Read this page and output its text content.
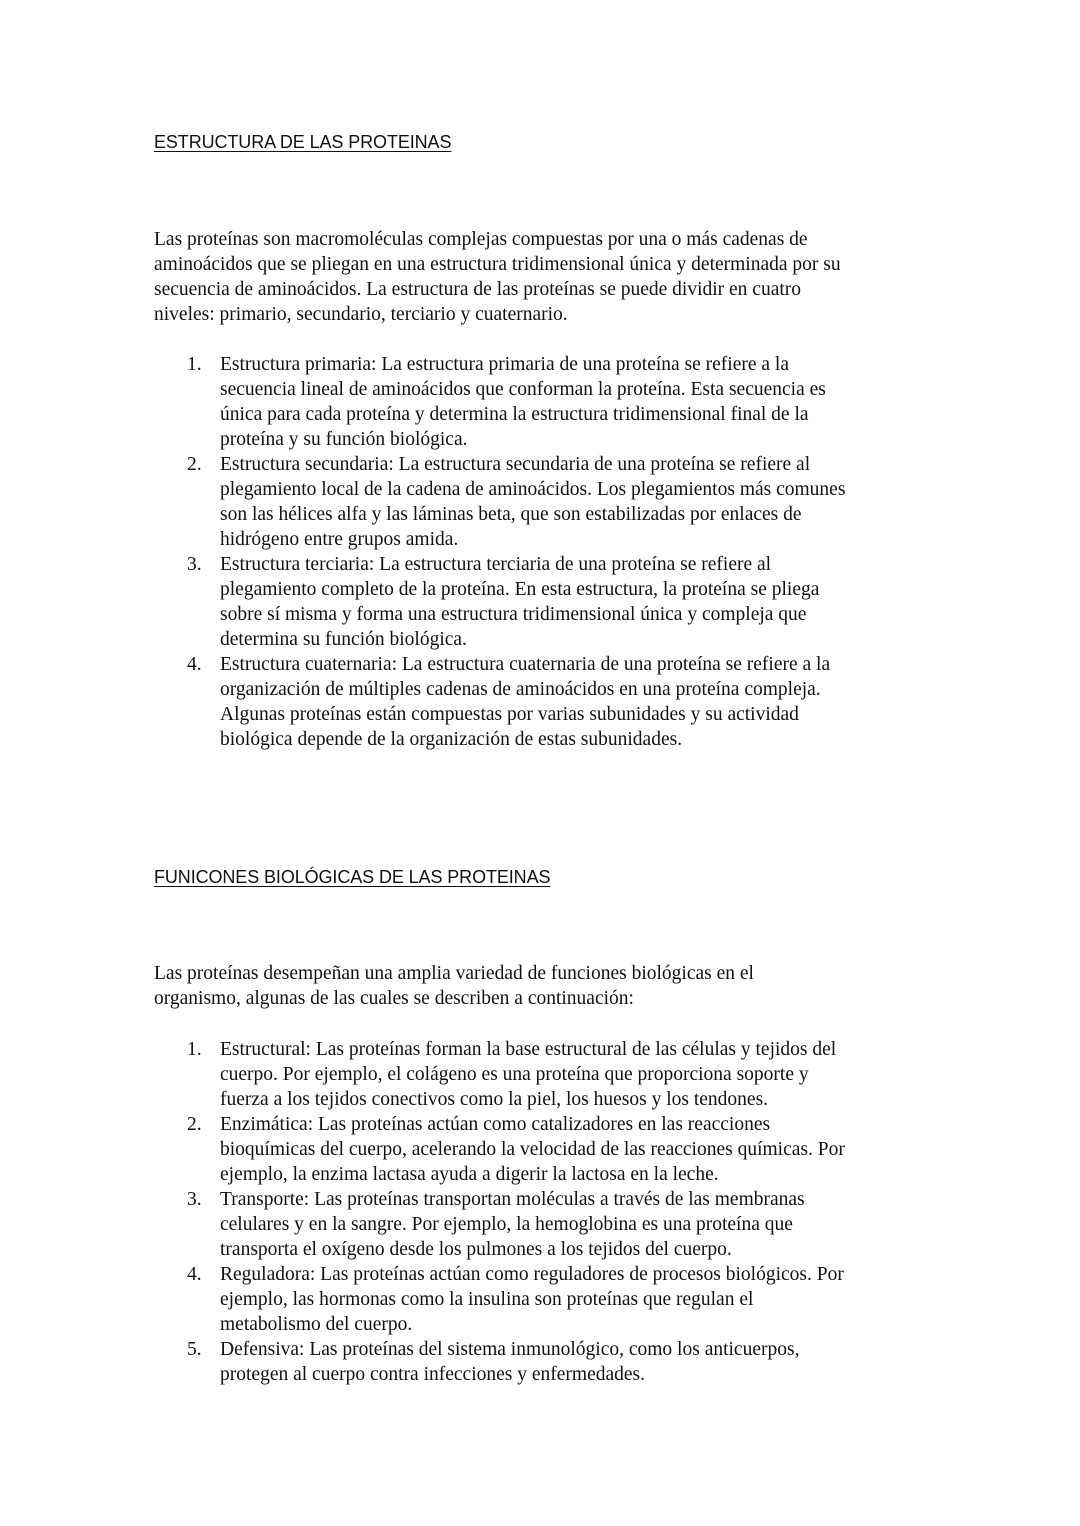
ESTRUCTURA DE LAS PROTEINAS
Las proteínas son macromoléculas complejas compuestas por una o más cadenas de
aminoácidos que se pliegan en una estructura tridimensional única y determinada por su
secuencia de aminoácidos. La estructura de las proteínas se puede dividir en cuatro
niveles: primario, secundario, terciario y cuaternario.
1. Estructura primaria: La estructura primaria de una proteína se refiere a la
secuencia lineal de aminoácidos que conforman la proteína. Esta secuencia es
única para cada proteína y determina la estructura tridimensional final de la
proteína y su función biológica.
2. Estructura secundaria: La estructura secundaria de una proteína se refiere al
plegamiento local de la cadena de aminoácidos. Los plegamientos más comunes
son las hélices alfa y las láminas beta, que son estabilizadas por enlaces de
hidrógeno entre grupos amida.
3. Estructura terciaria: La estructura terciaria de una proteína se refiere al
plegamiento completo de la proteína. En esta estructura, la proteína se pliega
sobre sí misma y forma una estructura tridimensional única y compleja que
determina su función biológica.
4. Estructura cuaternaria: La estructura cuaternaria de una proteína se refiere a la
organización de múltiples cadenas de aminoácidos en una proteína compleja.
Algunas proteínas están compuestas por varias subunidades y su actividad
biológica depende de la organización de estas subunidades.
FUNICONES BIOLÓGICAS DE LAS PROTEINAS
Las proteínas desempeñan una amplia variedad de funciones biológicas en el
organismo, algunas de las cuales se describen a continuación:
1. Estructural: Las proteínas forman la base estructural de las células y tejidos del
cuerpo. Por ejemplo, el colágeno es una proteína que proporciona soporte y
fuerza a los tejidos conectivos como la piel, los huesos y los tendones.
2. Enzimática: Las proteínas actúan como catalizadores en las reacciones
bioquímicas del cuerpo, acelerando la velocidad de las reacciones químicas. Por
ejemplo, la enzima lactasa ayuda a digerir la lactosa en la leche.
3. Transporte: Las proteínas transportan moléculas a través de las membranas
celulares y en la sangre. Por ejemplo, la hemoglobina es una proteína que
transporta el oxígeno desde los pulmones a los tejidos del cuerpo.
4. Reguladora: Las proteínas actúan como reguladores de procesos biológicos. Por
ejemplo, las hormonas como la insulina son proteínas que regulan el
metabolismo del cuerpo.
5. Defensiva: Las proteínas del sistema inmunológico, como los anticuerpos,
protegen al cuerpo contra infecciones y enfermedades.
